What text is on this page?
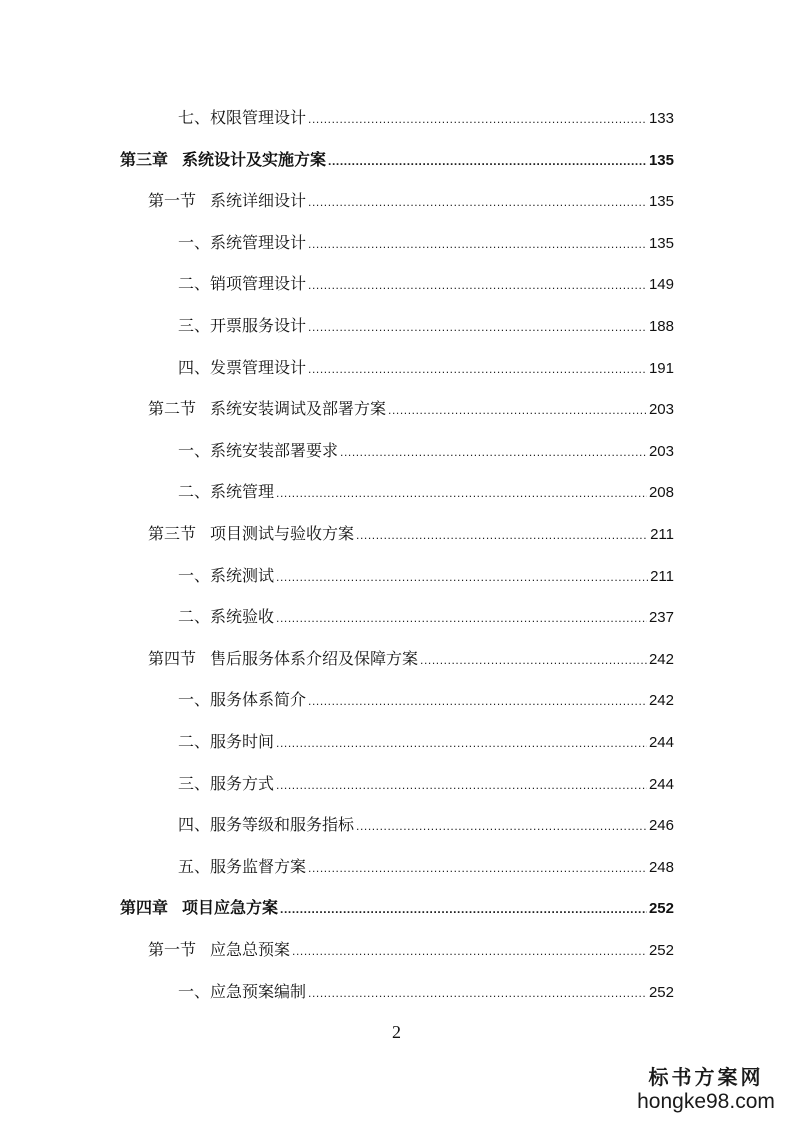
七、权限管理设计 .....	133
第三章 系统设计及实施方案 .....	135
第一节 系统详细设计 .....	135
一、系统管理设计 .....	135
二、销项管理设计 .....	149
三、开票服务设计 .....	188
四、发票管理设计 .....	191
第二节 系统安装调试及部署方案 .....	203
一、系统安装部署要求 .....	203
二、系统管理 .....	208
第三节 项目测试与验收方案 .....	211
一、系统测试 .....	211
二、系统验收 .....	237
第四节 售后服务体系介绍及保障方案 .....	242
一、服务体系简介 .....	242
二、服务时间 .....	244
三、服务方式 .....	244
四、服务等级和服务指标 .....	246
五、服务监督方案 .....	248
第四章 项目应急方案 .....	252
第一节 应急总预案 .....	252
一、应急预案编制 .....	252
2
标书方案网
hongke98.com
